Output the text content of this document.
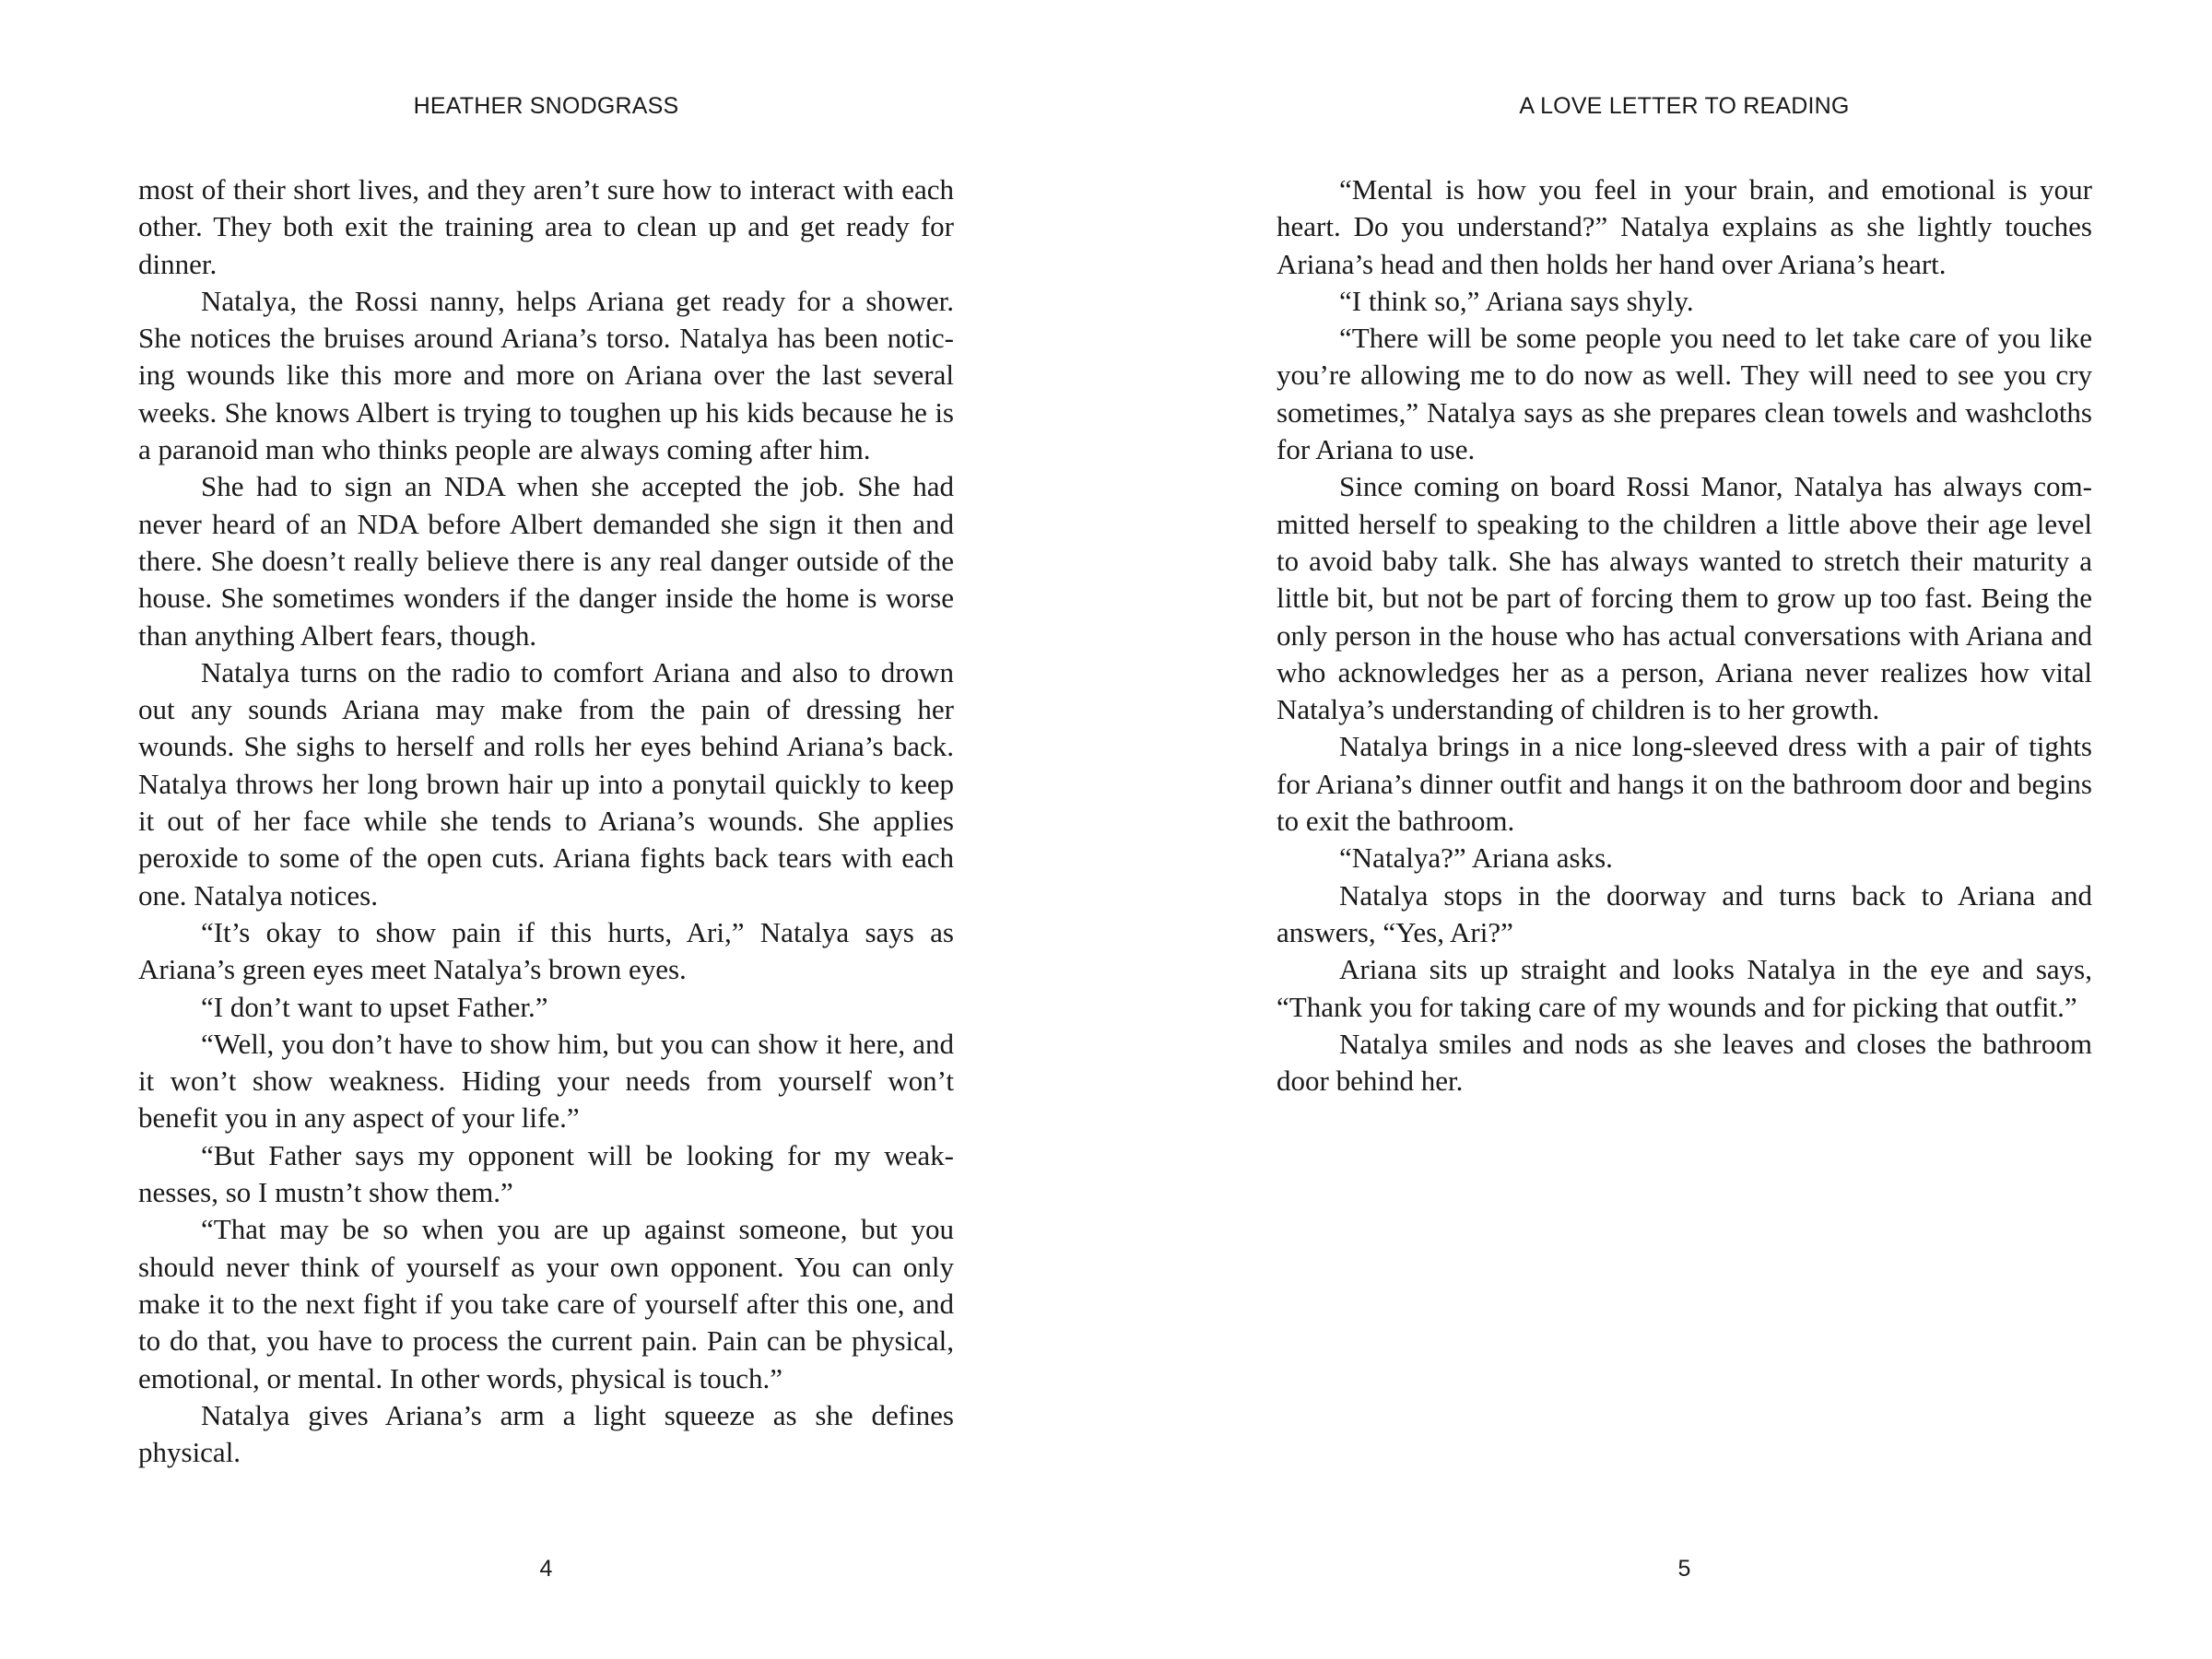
HEATHER SNODGRASS

most of their short lives, and they aren’t sure how to interact with each other. They both exit the training area to clean up and get ready for dinner.

Natalya, the Rossi nanny, helps Ariana get ready for a shower. She notices the bruises around Ariana’s torso. Natalya has been noticing wounds like this more and more on Ariana over the last several weeks. She knows Albert is trying to toughen up his kids because he is a paranoid man who thinks people are always coming after him.

She had to sign an NDA when she accepted the job. She had never heard of an NDA before Albert demanded she sign it then and there. She doesn’t really believe there is any real danger outside of the house. She sometimes wonders if the danger inside the home is worse than anything Albert fears, though.

Natalya turns on the radio to comfort Ariana and also to drown out any sounds Ariana may make from the pain of dressing her wounds. She sighs to herself and rolls her eyes behind Ariana’s back. Natalya throws her long brown hair up into a ponytail quickly to keep it out of her face while she tends to Ariana’s wounds. She applies peroxide to some of the open cuts. Ariana fights back tears with each one. Natalya notices.

“It’s okay to show pain if this hurts, Ari,” Natalya says as Ariana’s green eyes meet Natalya’s brown eyes.

“I don’t want to upset Father.”

“Well, you don’t have to show him, but you can show it here, and it won’t show weakness. Hiding your needs from yourself won’t benefit you in any aspect of your life.”

“But Father says my opponent will be looking for my weaknesses, so I mustn’t show them.”

“That may be so when you are up against someone, but you should never think of yourself as your own opponent. You can only make it to the next fight if you take care of yourself after this one, and to do that, you have to process the current pain. Pain can be physical, emotional, or mental. In other words, physical is touch.”

Natalya gives Ariana’s arm a light squeeze as she defines physical.

4
A LOVE LETTER TO READING

“Mental is how you feel in your brain, and emotional is your heart. Do you understand?” Natalya explains as she lightly touches Ariana’s head and then holds her hand over Ariana’s heart.

“I think so,” Ariana says shyly.

“There will be some people you need to let take care of you like you’re allowing me to do now as well. They will need to see you cry sometimes,” Natalya says as she prepares clean towels and washcloths for Ariana to use.

Since coming on board Rossi Manor, Natalya has always committed herself to speaking to the children a little above their age level to avoid baby talk. She has always wanted to stretch their maturity a little bit, but not be part of forcing them to grow up too fast. Being the only person in the house who has actual conversations with Ariana and who acknowledges her as a person, Ariana never realizes how vital Natalya’s understanding of children is to her growth.

Natalya brings in a nice long-sleeved dress with a pair of tights for Ariana’s dinner outfit and hangs it on the bathroom door and begins to exit the bathroom.

“Natalya?” Ariana asks.

Natalya stops in the doorway and turns back to Ariana and answers, “Yes, Ari?”

Ariana sits up straight and looks Natalya in the eye and says, “Thank you for taking care of my wounds and for picking that outfit.”

Natalya smiles and nods as she leaves and closes the bathroom door behind her.

5
